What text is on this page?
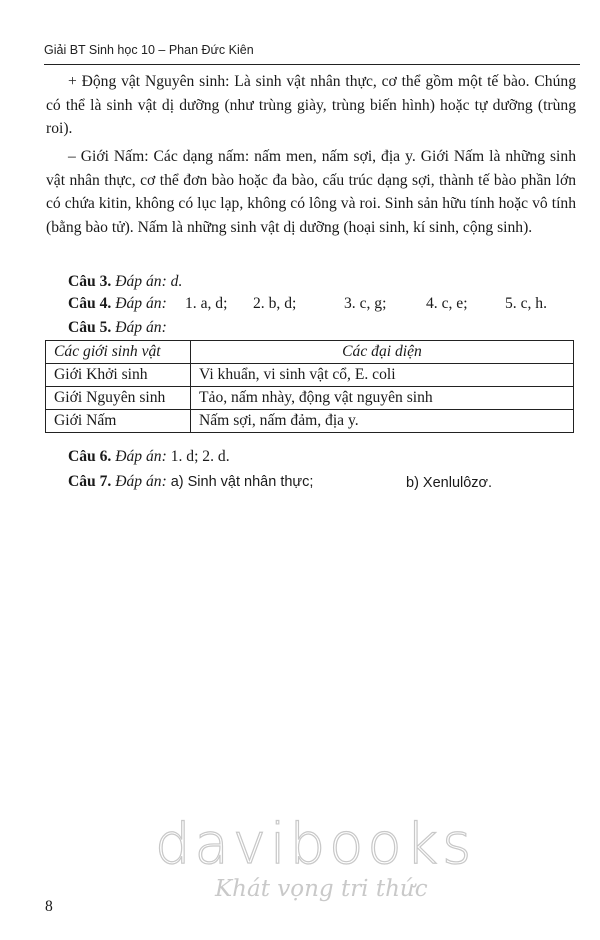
Giải BT Sinh học 10 – Phan Đức Kiên

+ Động vật Nguyên sinh: Là sinh vật nhân thực, cơ thể gồm một tế bào. Chúng có thể là sinh vật dị dưỡng (như trùng giày, trùng biến hình) hoặc tự dưỡng (trùng roi).

– Giới Nấm: Các dạng nấm: nấm men, nấm sợi, địa y. Giới Nấm là những sinh vật nhân thực, cơ thể đơn bào hoặc đa bào, cấu trúc dạng sợi, thành tế bào phần lớn có chứa kitin, không có lục lạp, không có lông và roi. Sinh sản hữu tính hoặc vô tính (bằng bào tử). Nấm là những sinh vật dị dưỡng (hoại sinh, kí sinh, cộng sinh).

Câu 3. Đáp án: d.
Câu 4. Đáp án: 1. a, d; 2. b, d;	3. c, g;	4. c, e; 5. c, h.
Câu 5. Đáp án:
Các giới sinh vật	Các đại diện
Giới Khởi sinh	Vi khuẩn, vi sinh vật cổ, E. coli
Giới Nguyên sinh	Tảo, nấm nhày, động vật nguyên sinh
Giới Nấm	Nấm sợi, nấm đảm, địa y.
Câu 6. Đáp án: 1. d; 2. d.
Câu 7. Đáp án: a) Sinh vật nhân thực;	b) Xenlulôzơ.
davibooks
Khát vọng tri thức
8
